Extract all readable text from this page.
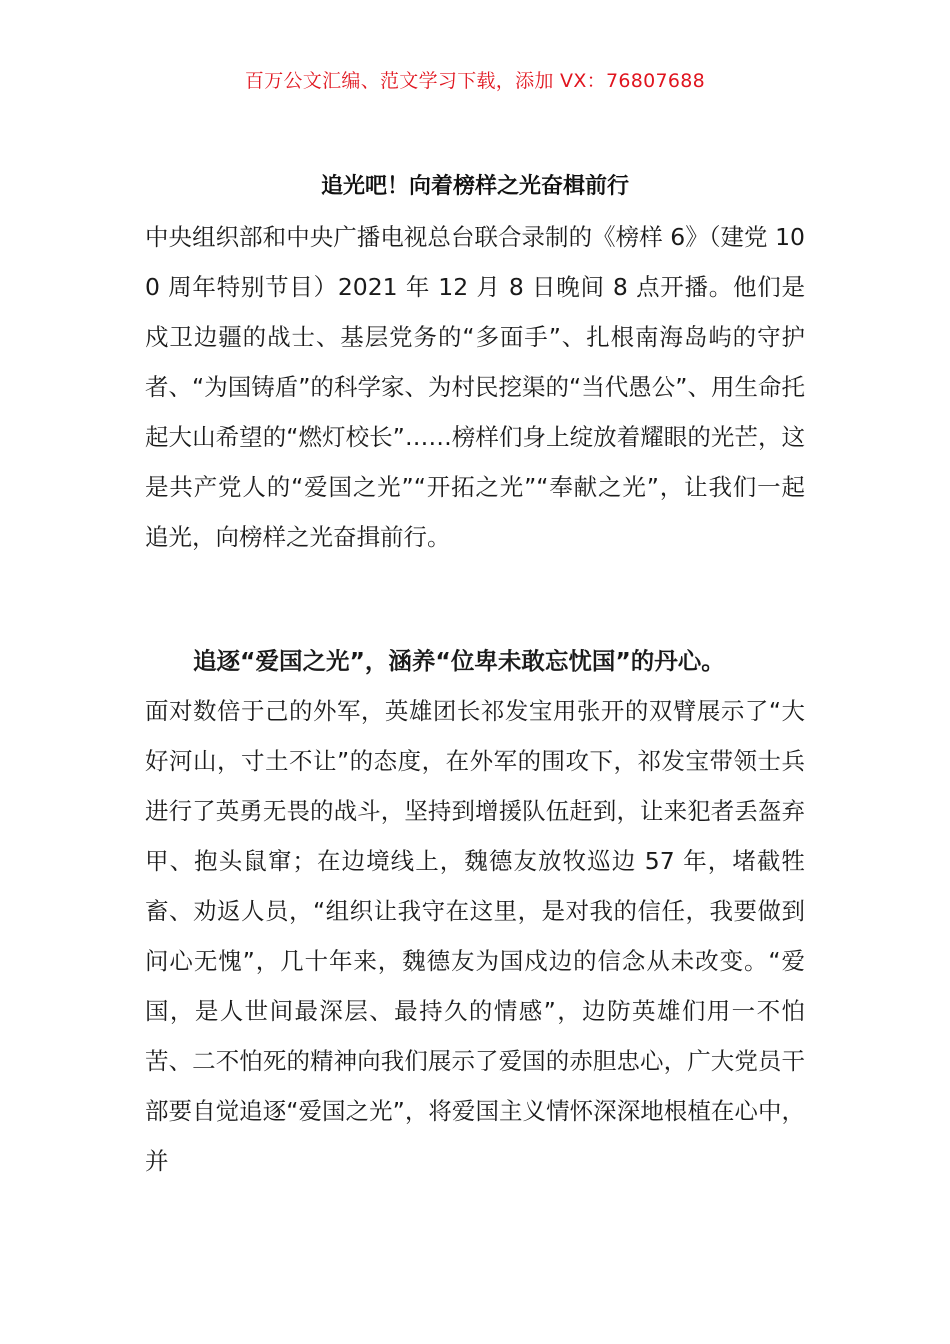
百万公文汇编、范文学习下载，添加 VX：76807688
追光吧！向着榜样之光奋楫前行
中央组织部和中央广播电视总台联合录制的《榜样 6》（建党 100 周年特别节目）2021 年 12 月 8 日晚间 8 点开播。他们是戍卫边疆的战士、基层党务的“多面手”、扎根南海岛屿的守护者、“为国铸盾”的科学家、为村民挖渠的“当代愚公”、用生命托起大山希望的“燃灯校长”……榜样们身上绽放着耀眼的光芒，这是共产党人的“爱国之光”“开拓之光”“奉献之光”，让我们一起追光，向榜样之光奋揖前行。
追逐“爱国之光”，涵养“位卑未敢忘忧国”的丹心。
面对数倍于己的外军，英雄团长祁发宝用张开的双臂展示了“大好河山，寸土不让”的态度，在外军的围攻下，祁发宝带领士兵进行了英勇无畏的战斗，坚持到增援队伍赶到，让来犯者丢盔弃甲、抱头鼠窜；在边境线上，魏德友放牧巡边 57 年，堵截牲畜、劝返人员，“组织让我守在这里，是对我的信任，我要做到问心无愧”，几十年来，魏德友为国戍边的信念从未改变。“爱国，是人世间最深层、最持久的情感”，边防英雄们用一不怕苦、二不怕死的精神向我们展示了爱国的赤胆忠心，广大党员干部要自觉追逐“爱国之光”，将爱国主义情怀深深地根植在心中，并
